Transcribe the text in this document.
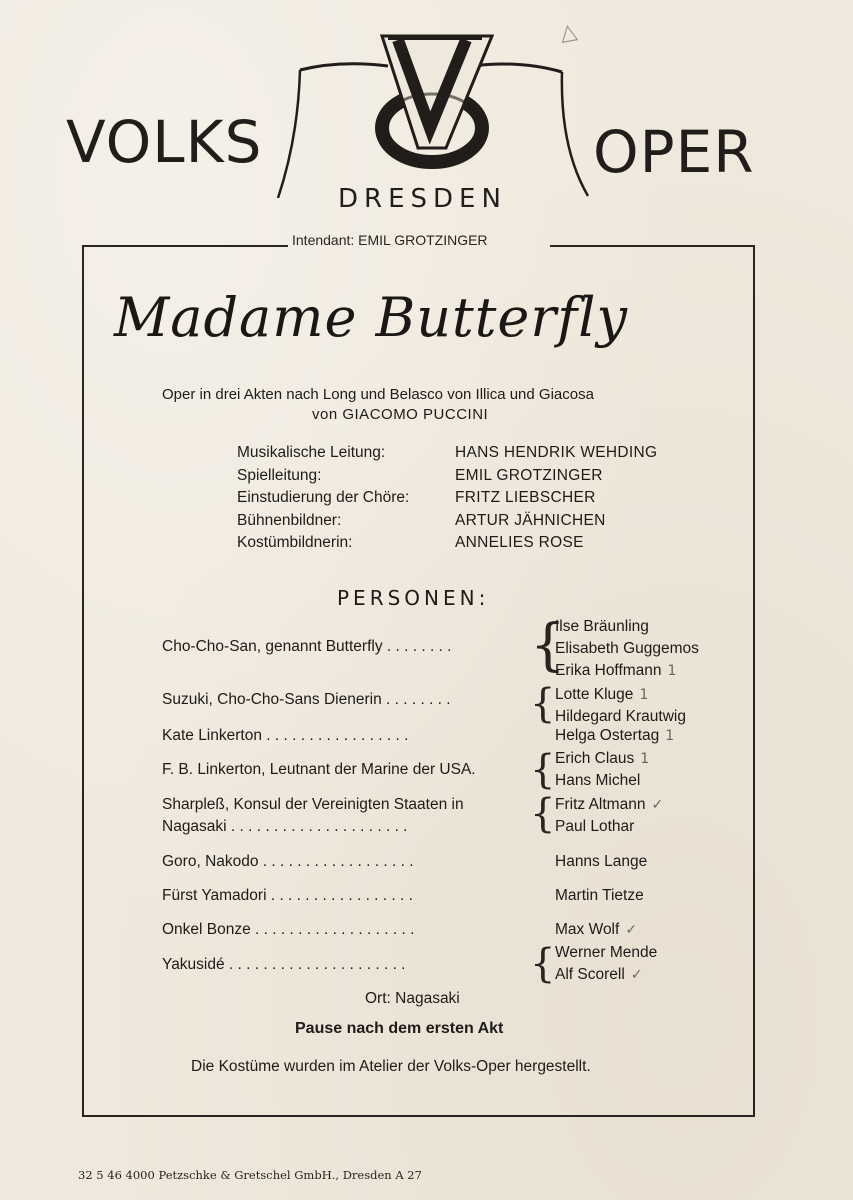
△
VOLKS	OPER
DRESDEN
Intendant: EMIL GROTZINGER
Madame Butterfly
Oper in drei Akten nach Long und Belasco von Illica und Giacosa
von GIACOMO PUCCINI
Musikalische Leitung:	HANS HENDRIK WEHDING
Spielleitung:	EMIL GROTZINGER
Einstudierung der Chöre:	FRITZ LIEBSCHER
Bühnenbildner:	ARTUR JÄHNICHEN
Kostümbildnerin:	ANNELIES ROSE
PERSONEN:
Cho-Cho-San, genannt Butterfly . . . . . . . .	{
Ilse Bräunling
Elisabeth Guggemos
Erika Hoffmann 1
Suzuki, Cho-Cho-Sans Dienerin . . . . . . . .	{ Lotte Kluge 1
Hildegard Krautwig
Kate Linkerton . . . . . . . . . . . . . . . . .	Helga Ostertag 1
F. B. Linkerton, Leutnant der Marine der USA.	{ Erich Claus 1
Hans Michel
Sharpleß, Konsul der Vereinigten Staaten in
Nagasaki . . . . . . . . . . . . . . . . . . . . .	{ Fritz Altmann ✓
Paul Lothar
Goro, Nakodo . . . . . . . . . . . . . . . . . .	Hanns Lange
Fürst Yamadori . . . . . . . . . . . . . . . . .	Martin Tietze
Onkel Bonze . . . . . . . . . . . . . . . . . . .	Max Wolf ✓
Yakusidé . . . . . . . . . . . . . . . . . . . . .	{ Werner Mende
Alf Scorell ✓
Ort: Nagasaki
Pause nach dem ersten Akt
Die Kostüme wurden im Atelier der Volks-Oper hergestellt.
32 5 46 4000 Petzschke & Gretschel GmbH., Dresden A 27
